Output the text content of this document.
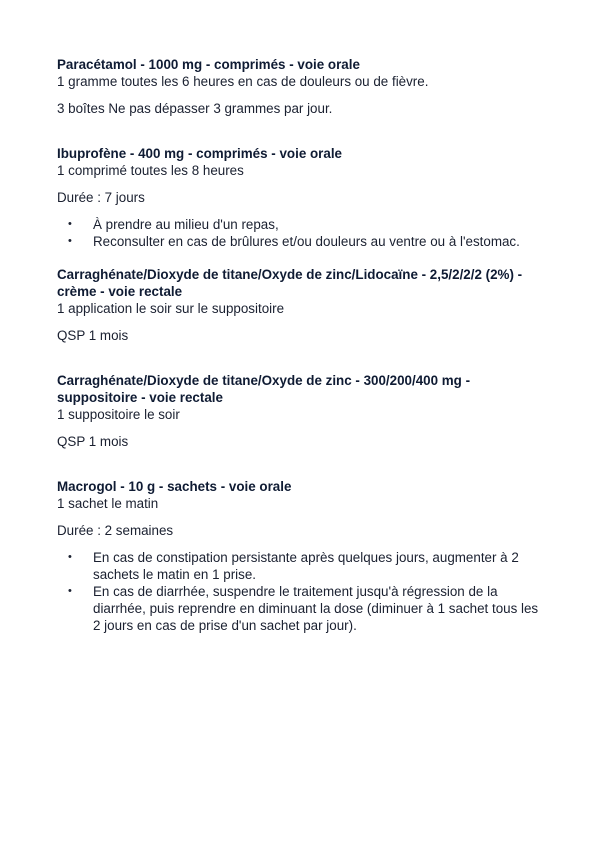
Paracétamol - 1000 mg - comprimés - voie orale

1 gramme toutes les 6 heures en cas de douleurs ou de fièvre.

3 boîtes Ne pas dépasser 3 grammes par jour.

Ibuprofène - 400 mg - comprimés - voie orale

1 comprimé toutes les 8 heures

Durée : 7 jours

• À prendre au milieu d'un repas,
• Reconsulter en cas de brûlures et/ou douleurs au ventre ou à l'estomac.

Carraghénate/Dioxyde de titane/Oxyde de zinc/Lidocaïne - 2,5/2/2/2 (2%) - crème - voie rectale

1 application le soir sur le suppositoire

QSP 1 mois

Carraghénate/Dioxyde de titane/Oxyde de zinc - 300/200/400 mg - suppositoire - voie rectale

1 suppositoire le soir

QSP 1 mois

Macrogol - 10 g - sachets - voie orale

1 sachet le matin

Durée : 2 semaines

• En cas de constipation persistante après quelques jours, augmenter à 2 sachets le matin en 1 prise.
• En cas de diarrhée, suspendre le traitement jusqu'à régression de la diarrhée, puis reprendre en diminuant la dose (diminuer à 1 sachet tous les 2 jours en cas de prise d'un sachet par jour).
